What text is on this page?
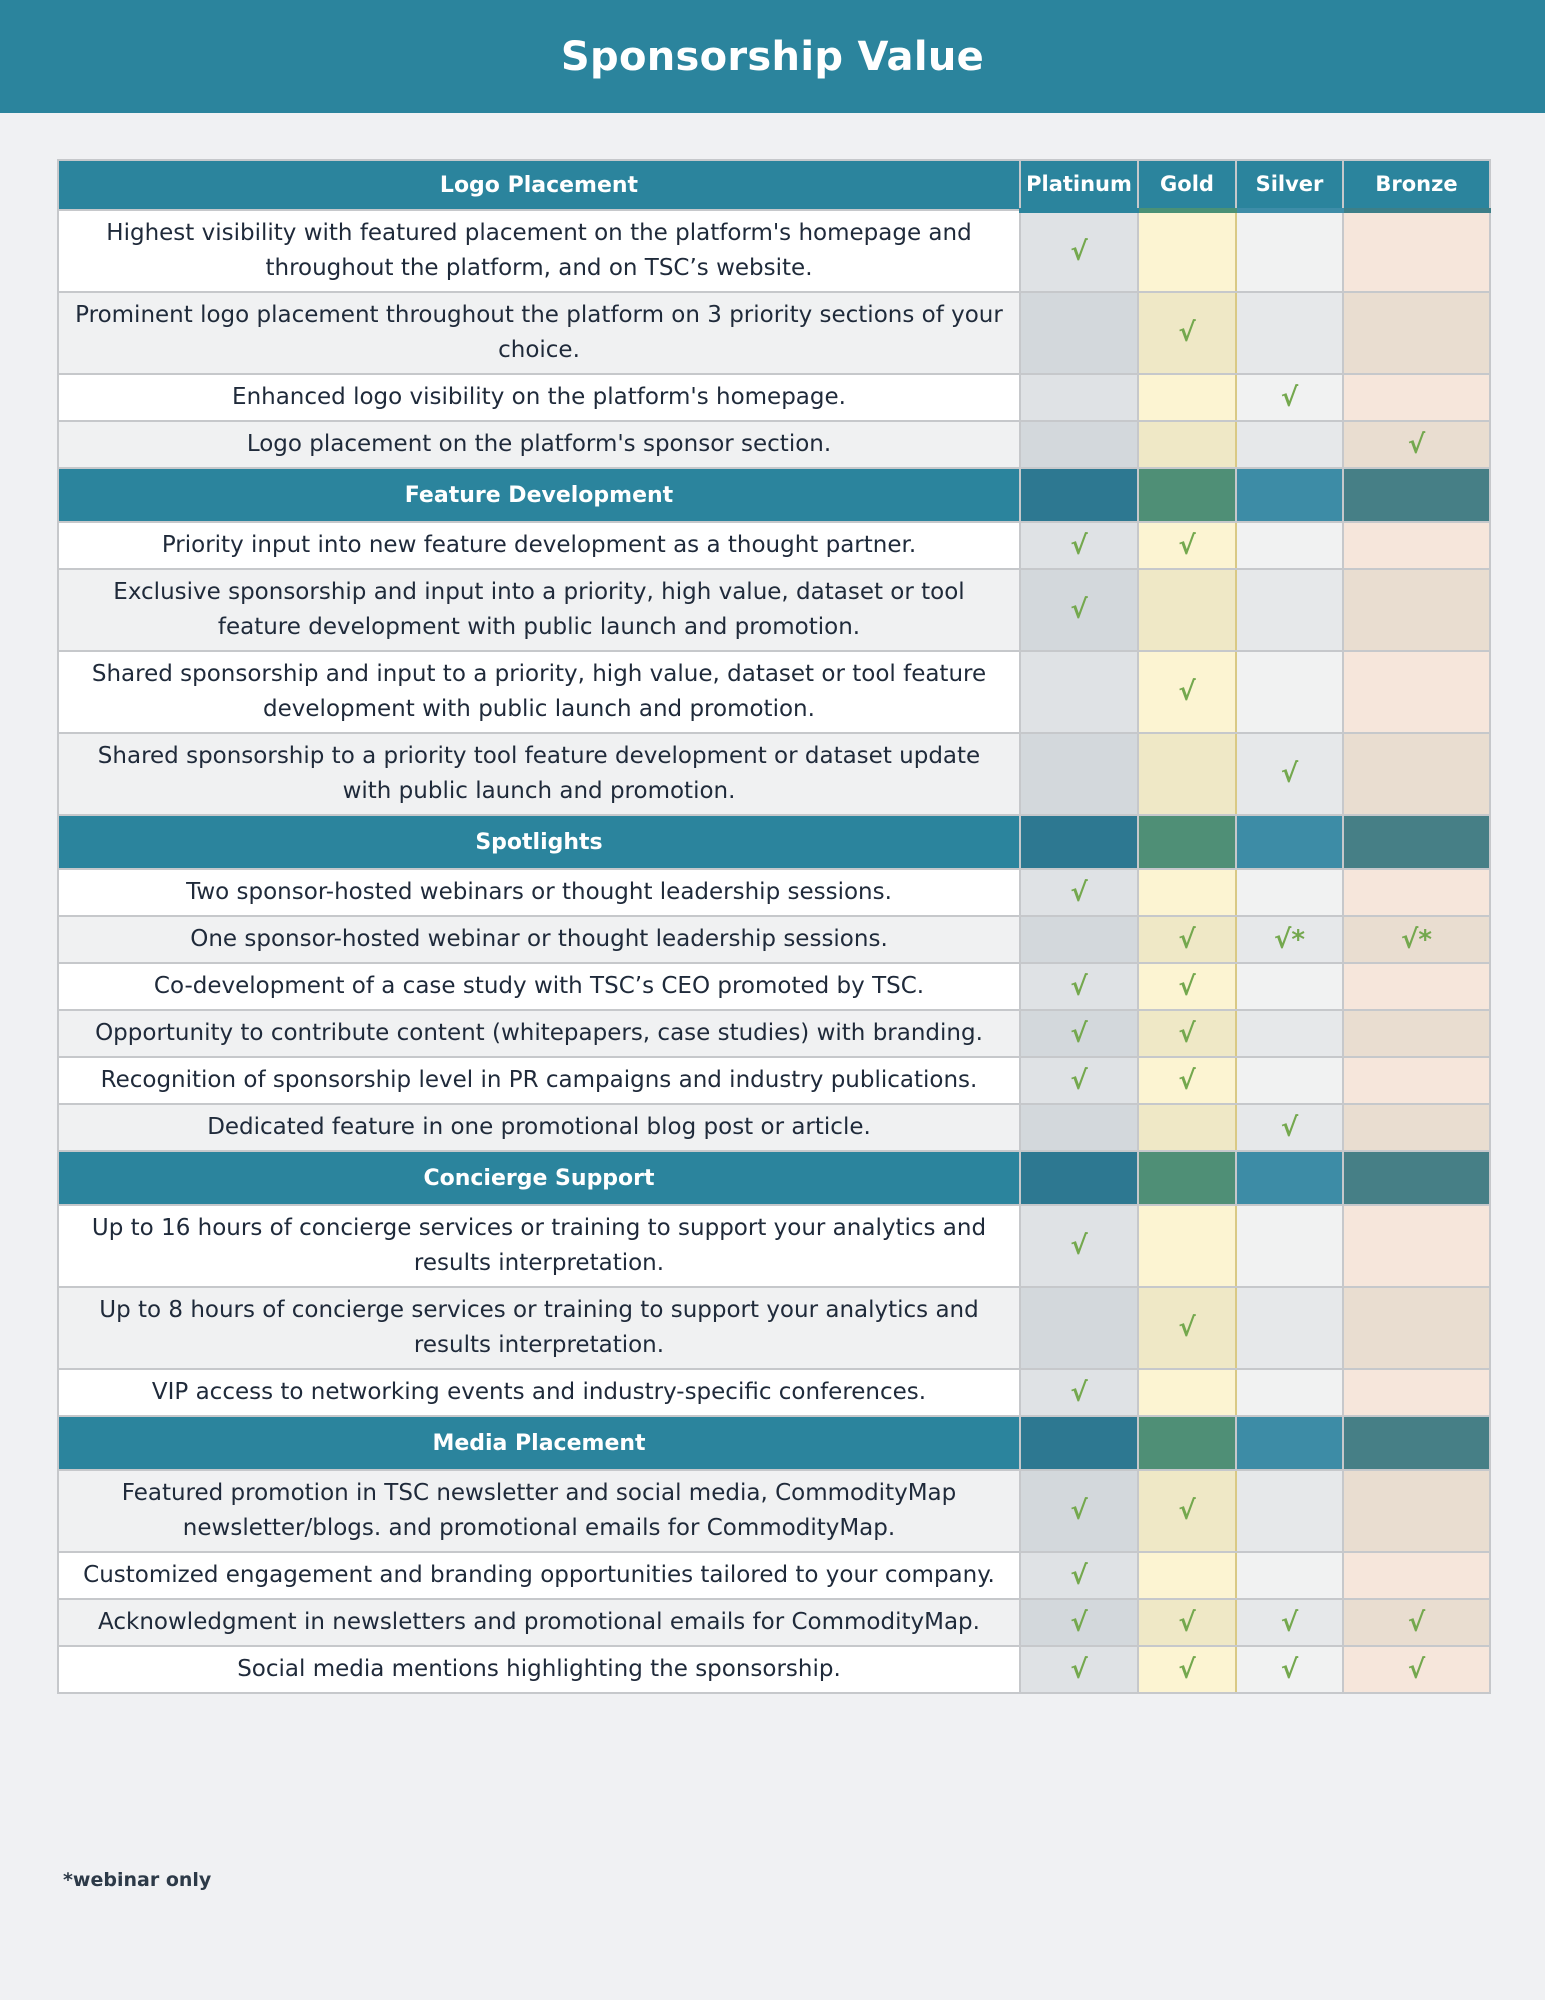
Sponsorship Value
Logo Placement	Platinum	Gold	Silver	Bronze
Highest visibility with featured placement on the platform's homepage and throughout the platform, and on TSC’s website.	√			
Prominent logo placement throughout the platform on 3 priority sections of your choice.		√		
Enhanced logo visibility on the platform's homepage.			√	
Logo placement on the platform's sponsor section.				√
Feature Development				
Priority input into new feature development as a thought partner.	√	√		
Exclusive sponsorship and input into a priority, high value, dataset or tool feature development with public launch and promotion.	√			
Shared sponsorship and input to a priority, high value, dataset or tool feature development with public launch and promotion.		√		
Shared sponsorship to a priority tool feature development or dataset update with public launch and promotion.			√	
Spotlights				
Two sponsor-hosted webinars or thought leadership sessions.	√			
One sponsor-hosted webinar or thought leadership sessions.		√	√*	√*
Co-development of a case study with TSC’s CEO promoted by TSC.	√	√		
Opportunity to contribute content (whitepapers, case studies) with branding.	√	√		
Recognition of sponsorship level in PR campaigns and industry publications.	√	√		
Dedicated feature in one promotional blog post or article.			√	
Concierge Support				
Up to 16 hours of concierge services or training to support your analytics and results interpretation.	√			
Up to 8 hours of concierge services or training to support your analytics and results interpretation.		√		
VIP access to networking events and industry-specific conferences.	√			
Media Placement				
Featured promotion in TSC newsletter and social media, CommodityMap newsletter/blogs. and promotional emails for CommodityMap.	√	√		
Customized engagement and branding opportunities tailored to your company.	√			
Acknowledgment in newsletters and promotional emails for CommodityMap.	√	√	√	√
Social media mentions highlighting the sponsorship.	√	√	√	√
*webinar only
